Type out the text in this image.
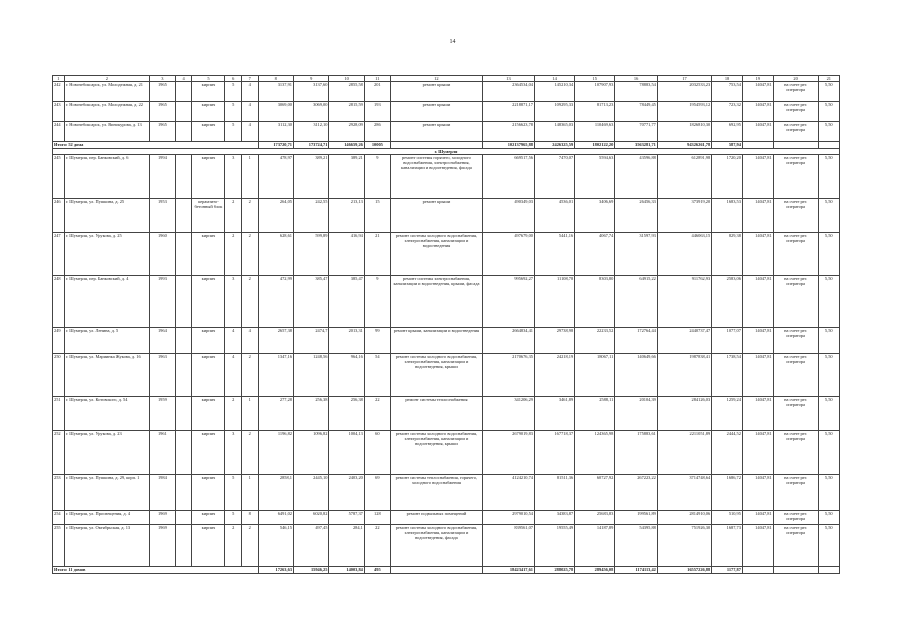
14
1	2	3	4	5	6	7	8	9	10	11	12	13	14	15	16	17	18	19	20	21
242	г. Новочебоксарск, ул. Молодежная, д. 21	1965		кирпич	5	4	3137,91	3137,60	2855,58	201	ремонт крыши	2364534,04	145210,34	107907,93	78883,54	2032533,23	753,54	14047,81	на счете рег. оператора	5,50
243	г. Новочебоксарск, ул. Молодежная, д. 22	1965		кирпич	5	4	3069,00	3069,00	2815,59	193	ремонт крыши	2218871,17	109295,33	81713,23	78449,45	1954593,12	723,32	14047,81	на счете рег. оператора	5,50
244	г. Новочебоксарск, ул. Винокурова, д. 13	1965		кирпич	5	4	3112,30	3112,10	2928,09	286	ремонт крыши	2156623,78	148365,03	110469,63	70771,77	1826810,30	692,95	14047,81	на счете рег. оператора	5,50
Итого: 52 дома							173720,71	173724,71	146659,26	10005		102137965,88	2426325,59	1802122,20	3563281,71	94326261,78	587,94			
г. Шумерля																				
245	г. Шумерля, пер. Банковский, д. 6	1994		кирпич	3	1	478,97	389,21	389,21	9	ремонт системы горячего, холодного водоснабжения, электроснабжения, канализации и водоотведения, фасада	669517,56	7470,07	5594,63	43596,88	612891,98	1720,20	14047,81	на счете рег. оператора	5,50
246	г. Шумерля, ул. Пушкина, д. 25	1953		керамзито-бетонный блок	2	2	264,05	242,55	213,13	15	ремонт крыши	490349,03	4536,01	3406,69	26456,33	373919,20	1683,53	14047,81	на счете рег. оператора	5,50
247	г. Шумерля, ул. Урукова, д. 25	1960		кирпич	2	2	628,61	599,89	416,94	21	ремонт системы холодного водоснабжения, электроснабжения, канализации и водоотведения	497679,00	5441,16	4067,74	31597,93	446063,15	829,38	14047,81	на счете рег. оператора	5,50
248	г. Шумерля, пер. Банковский, д. 4	1993		кирпич	3	2	472,99	385,47	385,47	9	ремонт системы электроснабжения, канализации и водоотведения, крыши, фасада	995692,27	11108,78	8303,80	64915,22	911762,93	2583,06	14047,81	на счете рег. оператора	5,50
249	г. Шумерля, ул. Ленина, д. 5	1964		кирпич	4	4	2657,38	2474,7	2013,31	99	ремонт крыши, канализации и водоотведения	2664834,41	29738,98	22233,52	172764,44	2440737,47	1077,07	14047,81	на счете рег. оператора	5,50
250	г. Шумерля, ул. Мариинка Жукова, д. 16	1963		кирпич	4	2	1347,16	1248,56	964,16	54	ремонт системы холодного водоснабжения, электроснабжения, канализации и водоотведения, крыши	2170676,35	24218,19	18067,11	140649,66	1987838,41	1738,54	14047,81	на счете рег. оператора	5,50
251	г. Шумерля, ул. Котовского, д. 54	1959		кирпич	2	1	277,28	256,38	256,38	22	ремонт системы теплоснабжения	341206,29	3461,89	2588,11	20104,39	284126,03	1259,24	14047,81	на счете рег. оператора	5,50
252	г. Шумерля, ул. Урукова, д. 23	1961		кирпич	3	2	1196,82	1096,82	1004,13	60	ремонт системы холодного водоснабжения, электроснабжения, канализации и водоотведения, крыши	2679019,83	167718,37	124365,98	175883,61	2211051,89	2444,52	14047,81	на счете рег. оператора	5,50
253	г. Шумерля, ул. Пушкина, д. 29, корп. 1	1984		кирпич	5	1	2858,1	2445,10	2403,20	69	ремонт системы теплоснабжения, горячего, холодного водоснабжения	4124210,74	81511,36	60727,92	267223,22	3714748,64	1686,72	14047,81	на счете рег. оператора	5,50
254	г. Шумерля, ул. Просвещения, д. 4	1969		кирпич	5	8	6491,02	6020,82	5787,37	128	ремонт подвальных помещений	2979010,54	34383,87	25683,83	199561,89	2814910,06	510,95	14047,81	на счете рег. оператора	5,50
255	г. Шумерля, ул. Октябрьская, д. 13	1969		кирпич	2	2	546,15	497,45	284,1	22	ремонт системы холодного водоснабжения, электроснабжения, канализации и водоотведения, фасада	839561,07	19555,49	14187,89	54395,88	751926,30	1687,73	14047,81	на счете рег. оператора	5,50
Итого: 11 домов							17263,63	15946,25	14003,84	495		18423417,61	288025,78	289456,08	1174113,42	16557226,88	1177,87			
